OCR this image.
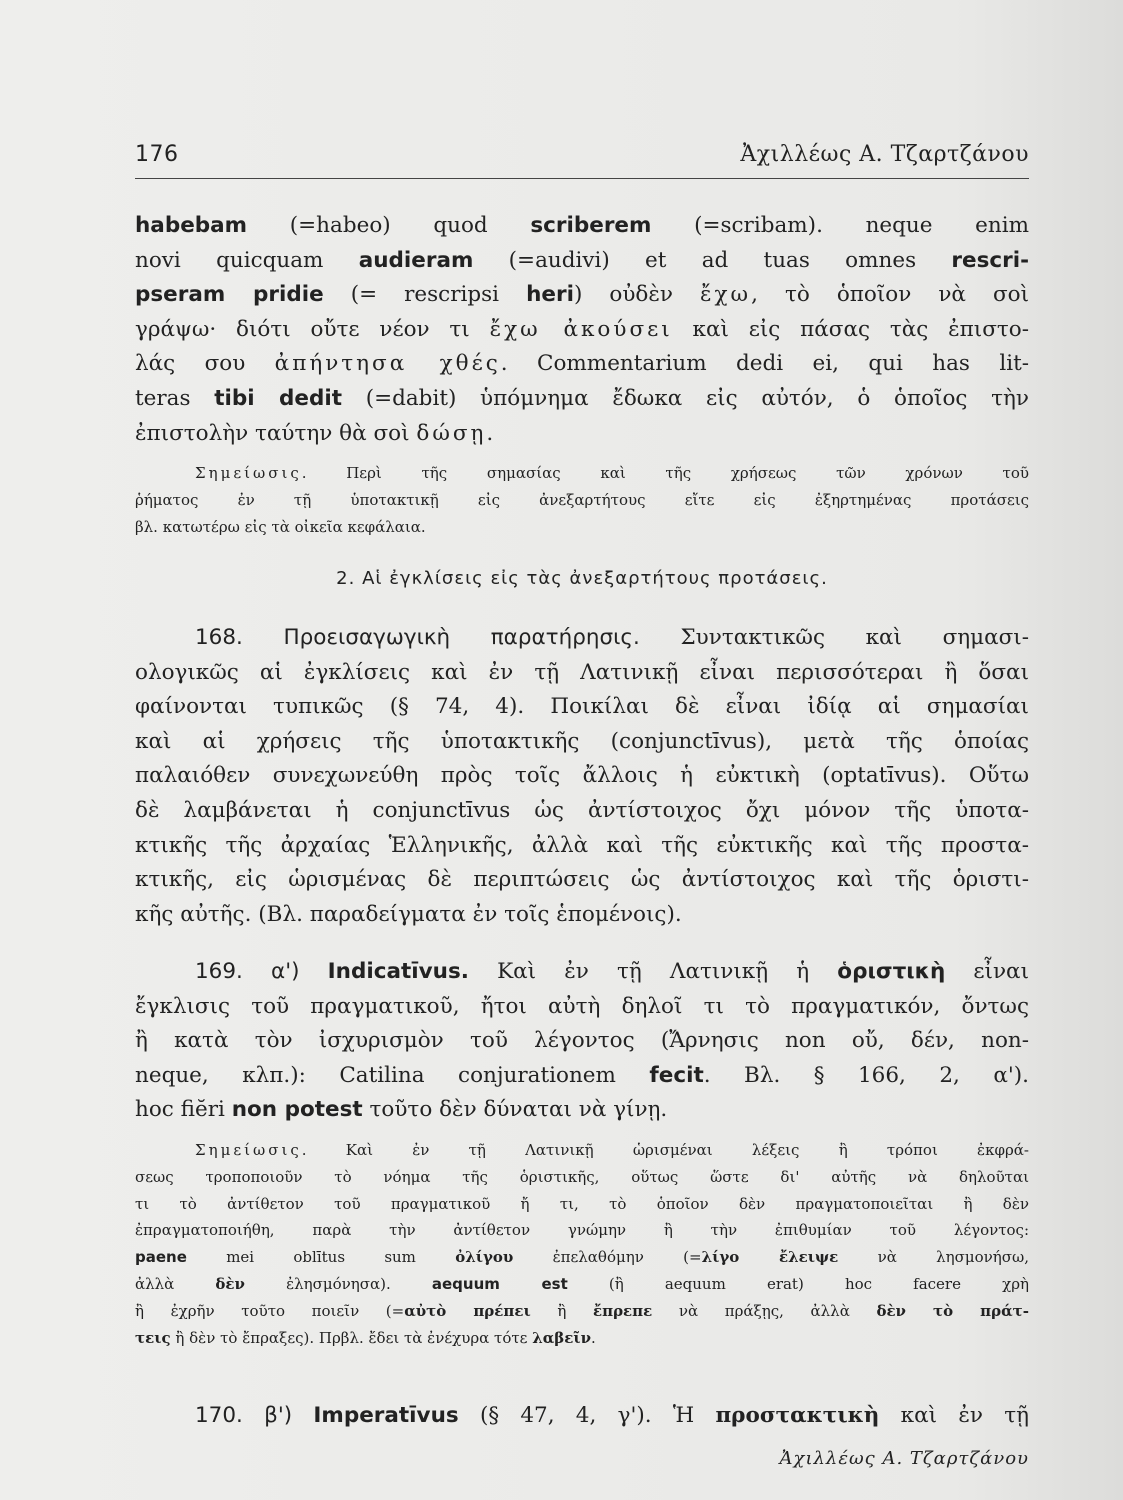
176	Ἀχιλλέως Α. Τζαρτζάνου
habebam (=habeo) quod scriberem (=scribam). neque enim
novi quicquam audieram (=audivi) et ad tuas omnes rescri-
pseram pridie (= rescripsi heri) οὐδὲν ἔχω, τὸ ὁποῖον νὰ σοὶ
γράψω· διότι οὔτε νέον τι ἔχω ἀκούσει καὶ εἰς πάσας τὰς ἐπιστο-
λάς σου ἀπήντησα χθές. Commentarium dedi ei, qui has lit-
teras tibi dedit (=dabit) ὑπόμνημα ἔδωκα εἰς αὐτόν, ὁ ὁποῖος τὴν
ἐπιστολὴν ταύτην θὰ σοὶ δώσῃ.
Σημείωσις. Περὶ τῆς σημασίας καὶ τῆς χρήσεως τῶν χρόνων τοῦ
ῥήματος ἐν τῇ ὑποτακτικῇ εἰς ἀνεξαρτήτους εἴτε εἰς ἐξηρτημένας προτάσεις
βλ. κατωτέρω εἰς τὰ οἰκεῖα κεφάλαια.
2. Αἱ ἐγκλίσεις εἰς τὰς ἀνεξαρτήτους προτάσεις.
168. Προεισαγωγικὴ παρατήρησις. Συντακτικῶς καὶ σημασι-
ολογικῶς αἱ ἐγκλίσεις καὶ ἐν τῇ Λατινικῇ εἶναι περισσότεραι ἢ ὅσαι
φαίνονται τυπικῶς (§ 74, 4). Ποικίλαι δὲ εἶναι ἰδίᾳ αἱ σημασίαι
καὶ αἱ χρήσεις τῆς ὑποτακτικῆς (conjunctīvus), μετὰ τῆς ὁποίας
παλαιόθεν συνεχωνεύθη πρὸς τοῖς ἄλλοις ἡ εὐκτικὴ (optatīvus). Οὕτω
δὲ λαμβάνεται ἡ conjunctīvus ὡς ἀντίστοιχος ὄχι μόνον τῆς ὑποτα-
κτικῆς τῆς ἀρχαίας Ἑλληνικῆς, ἀλλὰ καὶ τῆς εὐκτικῆς καὶ τῆς προστα-
κτικῆς, εἰς ὡρισμένας δὲ περιπτώσεις ὡς ἀντίστοιχος καὶ τῆς ὁριστι-
κῆς αὐτῆς. (Βλ. παραδείγματα ἐν τοῖς ἑπομένοις).
169. α') Indicatīvus. Καὶ ἐν τῇ Λατινικῇ ἡ ὁριστικὴ εἶναι
ἔγκλισις τοῦ πραγματικοῦ, ἤτοι αὐτὴ δηλοῖ τι τὸ πραγματικόν, ὄντως
ἢ κατὰ τὸν ἰσχυρισμὸν τοῦ λέγοντος (Ἄρνησις non οὔ, δέν, non-
neque, κλπ.): Catilina conjurationem fecit. Βλ. § 166, 2, α').
hoc fiĕri non potest τοῦτο δὲν δύναται νὰ γίνῃ.
Σημείωσις. Καὶ ἐν τῇ Λατινικῇ ὡρισμέναι λέξεις ἢ τρόποι ἐκφρά-
σεως τροποποιοῦν τὸ νόημα τῆς ὁριστικῆς, οὕτως ὥστε δι' αὐτῆς νὰ δηλοῦται
τι τὸ ἀντίθετον τοῦ πραγματικοῦ ἤ τι, τὸ ὁποῖον δὲν πραγματοποιεῖται ἢ δὲν
ἐπραγματοποιήθη, παρὰ τὴν ἀντίθετον γνώμην ἢ τὴν ἐπιθυμίαν τοῦ λέγοντος:
paene mei oblītus sum ὀλίγου ἐπελαθόμην (=λίγο ἔλειψε νὰ λησμονήσω,
ἀλλὰ δὲν ἐλησμόνησα). aequum est (ἢ aequum erat) hoc facere χρὴ
ἢ ἐχρῆν τοῦτο ποιεῖν (=αὐτὸ πρέπει ἢ ἔπρεπε νὰ πράξῃς, ἀλλὰ δὲν τὸ πράτ-
τεις ἢ δὲν τὸ ἔπραξες). Πρβλ. ἔδει τὰ ἐνέχυρα τότε λαβεῖν.
170. β') Imperatīvus (§ 47, 4, γ'). Ἡ προστακτικὴ καὶ ἐν τῇ
Ἀχιλλέως Α. Τζαρτζάνου
